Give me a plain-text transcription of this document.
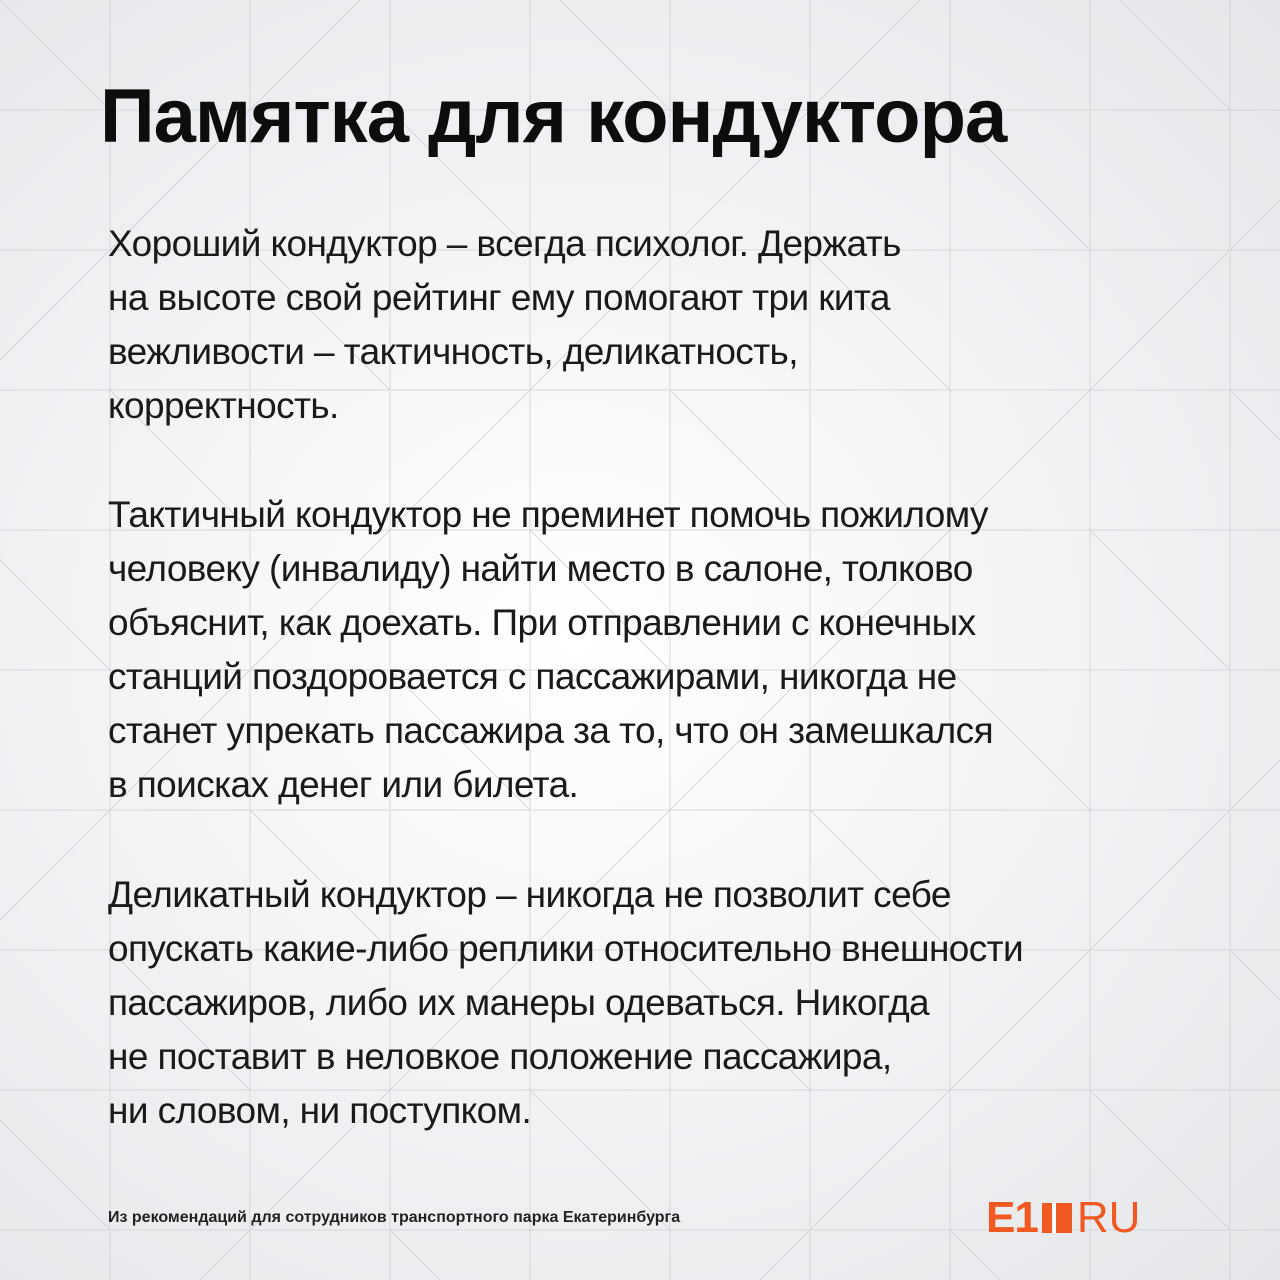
Памятка для кондуктора
Хороший кондуктор – всегда психолог. Держать
на высоте свой рейтинг ему помогают три кита
вежливости – тактичность, деликатность,
корректность.
Тактичный кондуктор не преминет помочь пожилому
человеку (инвалиду) найти место в салоне, толково
объяснит, как доехать. При отправлении с конечных
станций поздоровается с пассажирами, никогда не
станет упрекать пассажира за то, что он замешкался
в поисках денег или билета.
Деликатный кондуктор – никогда не позволит себе
опускать какие-либо реплики относительно внешности
пассажиров, либо их манеры одеваться. Никогда
не поставит в неловкое положение пассажира,
ни словом, ни поступком.

Из рекомендаций для сотрудников транспортного парка Екатеринбурга	E1 RU
